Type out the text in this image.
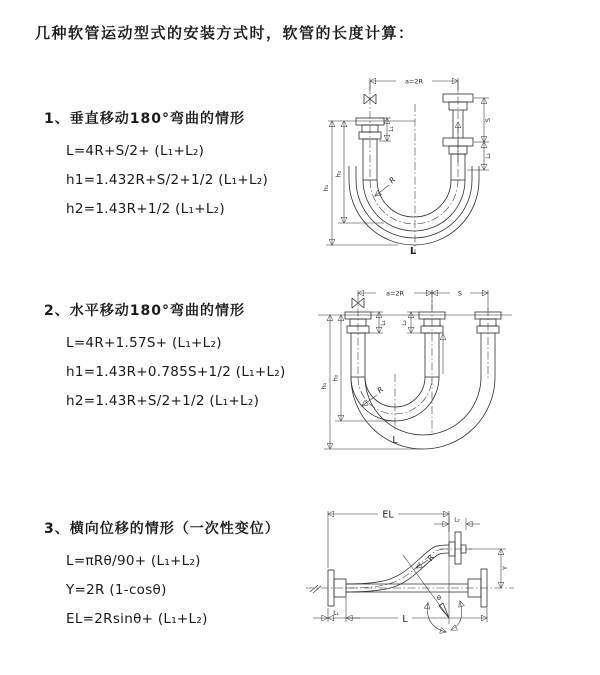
几种软管运动型式的安装方式时，软管的长度计算：
1、垂直移动180°弯曲的情形
L=4R+S/2+ (L₁+L₂)
h1=1.432R+S/2+1/2 (L₁+L₂)
h2=1.43R+1/2 (L₁+L₂)
2、水平移动180°弯曲的情形
L=4R+1.57S+ (L₁+L₂)
h1=1.43R+0.785S+1/2 (L₁+L₂)
h2=1.43R+S/2+1/2 (L₁+L₂)
3、横向位移的情形（一次性变位）
L=πRθ/90+ (L₁+L₂)
Y=2R (1-cosθ)
EL=2Rsinθ+ (L₁+L₂)
a=2R
h₁
h₂
L₁
S
L₂
R
L
a=2R	S
h₁
h₂
L₁	L₂
R
L
EL	L₂
Y
θ
R
L₁	L
